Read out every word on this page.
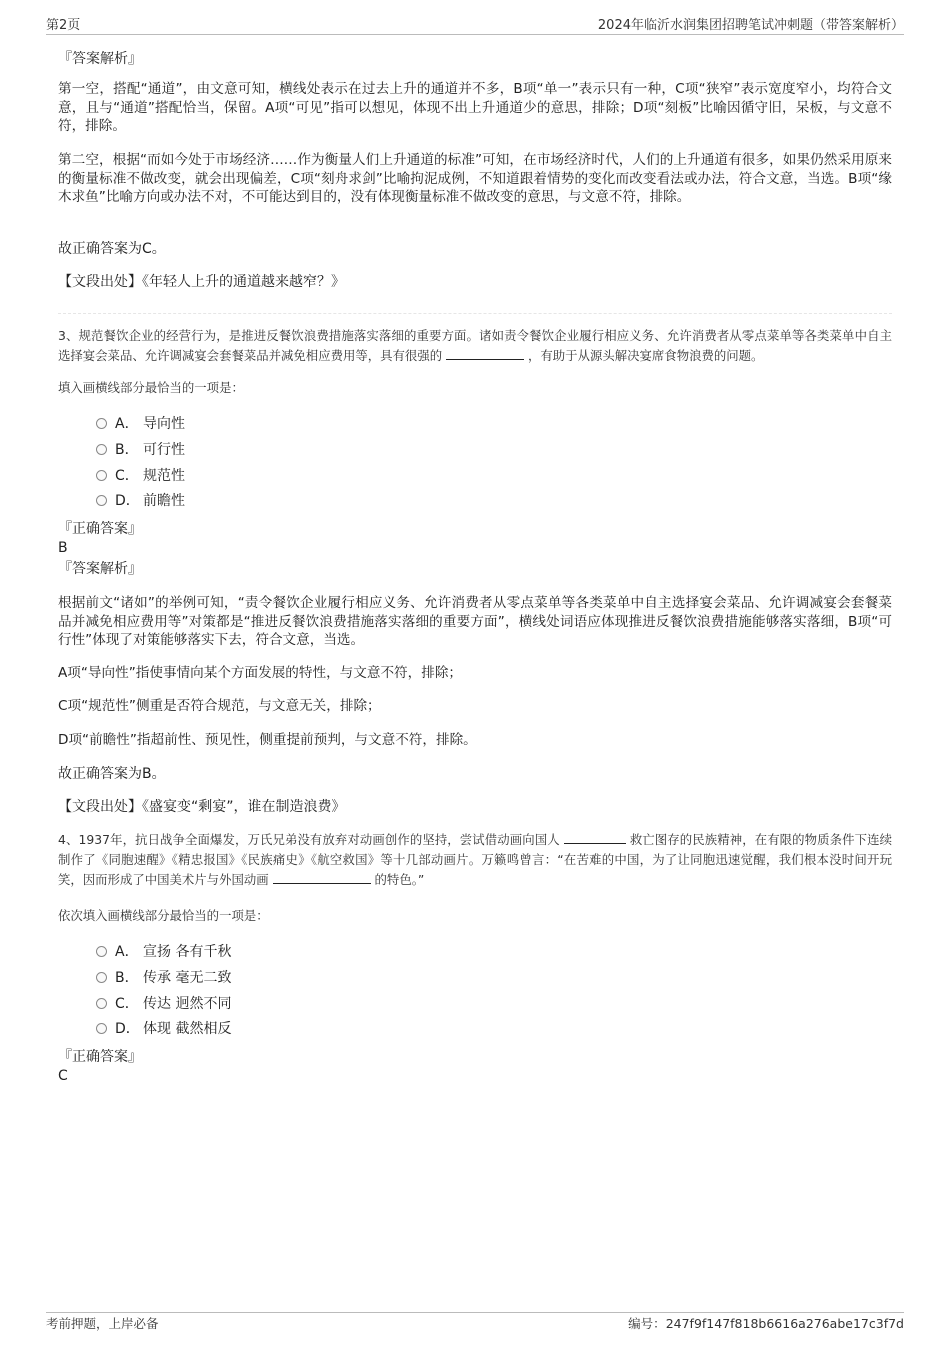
第2页	2024年临沂水润集团招聘笔试冲刺题（带答案解析）
『答案解析』
第一空，搭配“通道”，由文意可知，横线处表示在过去上升的通道并不多，B项“单一”表示只有一种，C项“狭窄”表示宽度窄小，均符合文意，且与“通道”搭配恰当，保留。A项“可见”指可以想见，体现不出上升通道少的意思，排除；D项“刻板”比喻因循守旧，呆板，与文意不符，排除。
第二空，根据“而如今处于市场经济……作为衡量人们上升通道的标准”可知，在市场经济时代，人们的上升通道有很多，如果仍然采用原来的衡量标准不做改变，就会出现偏差，C项“刻舟求剑”比喻拘泥成例，不知道跟着情势的变化而改变看法或办法，符合文意，当选。B项“缘木求鱼”比喻方向或办法不对，不可能达到目的，没有体现衡量标准不做改变的意思，与文意不符，排除。
故正确答案为C。
【文段出处】《年轻人上升的通道越来越窄？》
3、规范餐饮企业的经营行为，是推进反餐饮浪费措施落实落细的重要方面。诸如责令餐饮企业履行相应义务、允许消费者从零点菜单等各类菜单中自主选择宴会菜品、允许调减宴会套餐菜品并减免相应费用等，具有很强的	，有助于从源头解决宴席食物浪费的问题。
填入画横线部分最恰当的一项是：
A． 导向性
B． 可行性
C． 规范性
D． 前瞻性
『正确答案』
B
『答案解析』
根据前文“诸如”的举例可知，“责令餐饮企业履行相应义务、允许消费者从零点菜单等各类菜单中自主选择宴会菜品、允许调减宴会套餐菜品并减免相应费用等”对策都是“推进反餐饮浪费措施落实落细的重要方面”，横线处词语应体现推进反餐饮浪费措施能够落实落细，B项“可行性”体现了对策能够落实下去，符合文意，当选。
A项“导向性”指使事情向某个方面发展的特性，与文意不符，排除；
C项“规范性”侧重是否符合规范，与文意无关，排除；
D项“前瞻性”指超前性、预见性，侧重提前预判，与文意不符，排除。
故正确答案为B。
【文段出处】《盛宴变“剩宴”，谁在制造浪费》
4、1937年，抗日战争全面爆发，万氏兄弟没有放弃对动画创作的坚持，尝试借动画向国人	救亡图存的民族精神，在有限的物质条件下连续制作了《同胞速醒》《精忠报国》《民族痛史》《航空救国》等十几部动画片。万籁鸣曾言：“在苦难的中国，为了让同胞迅速觉醒，我们根本没时间开玩笑，因而形成了中国美术片与外国动画	的特色。”
依次填入画横线部分最恰当的一项是：
A． 宣扬 各有千秋
B． 传承 毫无二致
C． 传达 迥然不同
D． 体现 截然相反
『正确答案』
C
考前押题，上岸必备	编号：247f9f147f818b6616a276abe17c3f7d
